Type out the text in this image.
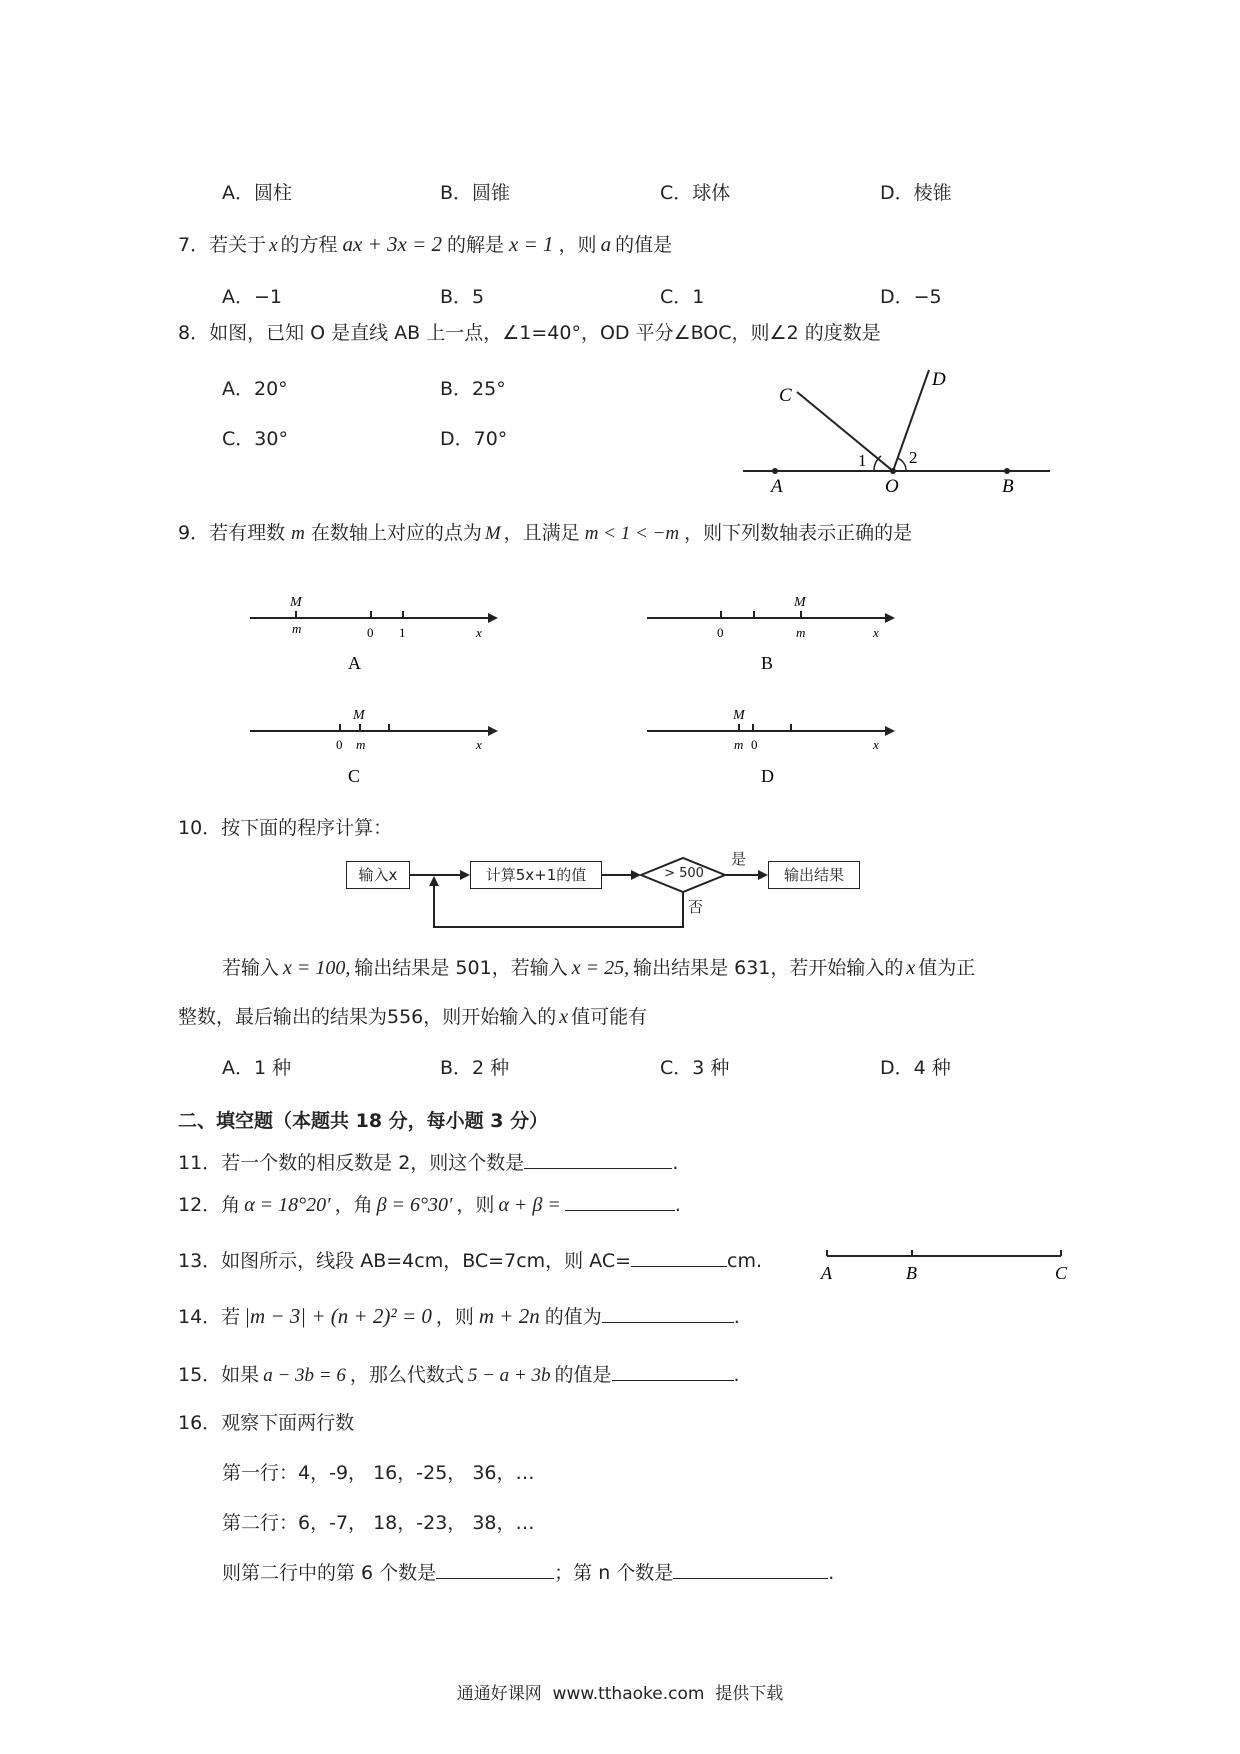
A．圆柱	B．圆锥	C．球体	D．棱锥
7．若关于 x 的方程 ax + 3x = 2 的解是 x = 1 ，则 a 的值是
A．−1	B．5	C．1	D．−5
8．如图，已知 O 是直线 AB 上一点，∠1=40°，OD 平分∠BOC，则∠2 的度数是
A．20°	B．25°
C．30°	D．70°
A	O	B
C
D
1	2
9．若有理数 m 在数轴上对应的点为 M ，且满足 m < 1 < −m ，则下列数轴表示正确的是
M
m	0 1	x
A
M
m
0	x
B
M
m
0	x
C
M
m 0	x
D
10．按下面的程序计算：
输入x	计算5x+1的值	> 500
是
否
输出结果
若输入 x = 100, 输出结果是 501，若输入 x = 25, 输出结果是 631，若开始输入的 x 值为正
整数，最后输出的结果为556，则开始输入的 x 值可能有
A．1 种	B．2 种	C．3 种	D．4 种
二、填空题（本题共 18 分，每小题 3 分）
11．若一个数的相反数是 2，则这个数是	.
12．角 α = 18°20′ ，角 β = 6°30′ ，则 α + β =	.
13．如图所示，线段 AB=4cm，BC=7cm，则 AC=	cm.
A	B	C
14．若 |m − 3| + (n + 2)² = 0 ，则 m + 2n 的值为	.
15．如果 a − 3b = 6 ，那么代数式 5 − a + 3b 的值是	.
16．观察下面两行数
第一行：4，-9， 16，-25， 36，…
第二行：6，-7， 18，-23， 38，…
则第二行中的第 6 个数是	；第 n 个数是	.
通通好课网  www.tthaoke.com  提供下载
